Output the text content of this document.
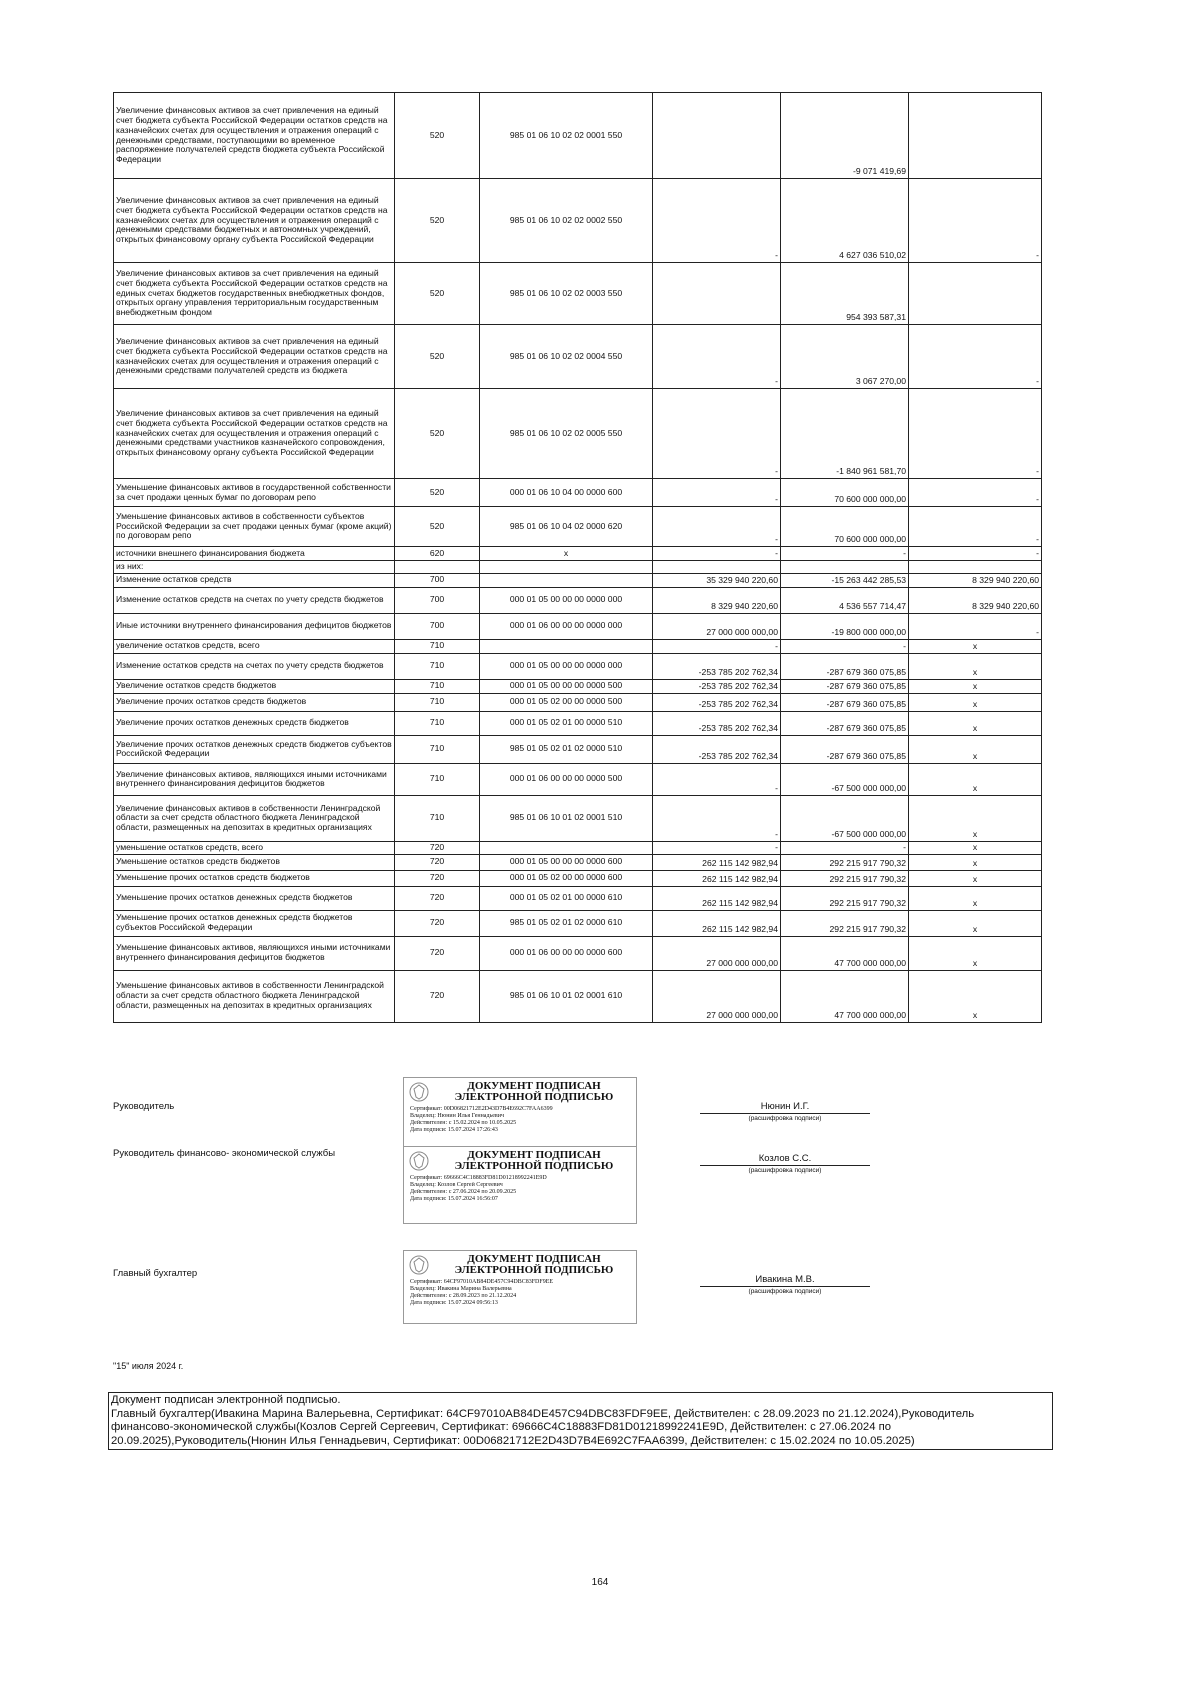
Увеличение финансовых активов за счет привлечения на единый счет бюджета субъекта Российской Федерации остатков средств на казначейских счетах для осуществления и отражения операций с денежными средствами, поступающими во временное распоряжение получателей средств бюджета субъекта Российской Федерации	520	985 01 06 10 02 02 0001 550		-9 071 419,69	
Увеличение финансовых активов за счет привлечения на единый счет бюджета субъекта Российской Федерации остатков средств на казначейских счетах для осуществления и отражения операций с денежными средствами бюджетных и автономных учреждений, открытых финансовому органу субъекта Российской Федерации	520	985 01 06 10 02 02 0002 550	-	4 627 036 510,02	-
Увеличение финансовых активов за счет привлечения на единый счет бюджета субъекта Российской Федерации остатков средств на единых счетах бюджетов государственных внебюджетных фондов, открытых органу управления территориальным государственным внебюджетным фондом	520	985 01 06 10 02 02 0003 550		954 393 587,31	
Увеличение финансовых активов за счет привлечения на единый счет бюджета субъекта Российской Федерации остатков средств на казначейских счетах для осуществления и отражения операций с денежными средствами получателей средств из бюджета	520	985 01 06 10 02 02 0004 550	-	3 067 270,00	-
Увеличение финансовых активов за счет привлечения на единый счет бюджета субъекта Российской Федерации остатков средств на казначейских счетах для осуществления и отражения операций с денежными средствами участников казначейского сопровождения, открытых финансовому органу субъекта Российской Федерации	520	985 01 06 10 02 02 0005 550	-	-1 840 961 581,70	-
Уменьшение финансовых активов в государственной собственности за счет продажи ценных бумаг по договорам репо	520	000 01 06 10 04 00 0000 600	-	70 600 000 000,00	-
Уменьшение финансовых активов в собственности субъектов Российской Федерации за счет продажи ценных бумаг (кроме акций) по договорам репо	520	985 01 06 10 04 02 0000 620	-	70 600 000 000,00	-
источники внешнего финансирования бюджета	620	x	-	-	-
из них:					
Изменение остатков средств	700		35 329 940 220,60	-15 263 442 285,53	8 329 940 220,60
Изменение остатков средств на счетах по учету средств бюджетов	700	000 01 05 00 00 00 0000 000	8 329 940 220,60	4 536 557 714,47	8 329 940 220,60
Иные источники внутреннего финансирования дефицитов бюджетов	700	000 01 06 00 00 00 0000 000	27 000 000 000,00	-19 800 000 000,00	-
увеличение остатков средств, всего	710		-	-	x
Изменение остатков средств на счетах по учету средств бюджетов	710	000 01 05 00 00 00 0000 000	-253 785 202 762,34	-287 679 360 075,85	x
Увеличение остатков средств бюджетов	710	000 01 05 00 00 00 0000 500	-253 785 202 762,34	-287 679 360 075,85	x
Увеличение прочих остатков средств бюджетов	710	000 01 05 02 00 00 0000 500	-253 785 202 762,34	-287 679 360 075,85	x
Увеличение прочих остатков денежных средств бюджетов	710	000 01 05 02 01 00 0000 510	-253 785 202 762,34	-287 679 360 075,85	x
Увеличение прочих остатков денежных средств бюджетов субъектов Российской Федерации	710	985 01 05 02 01 02 0000 510	-253 785 202 762,34	-287 679 360 075,85	x
Увеличение финансовых активов, являющихся иными источниками внутреннего финансирования дефицитов бюджетов	710	000 01 06 00 00 00 0000 500	-	-67 500 000 000,00	x
Увеличение финансовых активов в собственности Ленинградской области за счет средств областного бюджета Ленинградской области, размещенных на депозитах в кредитных организациях	710	985 01 06 10 01 02 0001 510	-	-67 500 000 000,00	x
уменьшение остатков средств, всего	720		-	-	x
Уменьшение остатков средств бюджетов	720	000 01 05 00 00 00 0000 600	262 115 142 982,94	292 215 917 790,32	x
Уменьшение прочих остатков средств бюджетов	720	000 01 05 02 00 00 0000 600	262 115 142 982,94	292 215 917 790,32	x
Уменьшение прочих остатков денежных средств бюджетов	720	000 01 05 02 01 00 0000 610	262 115 142 982,94	292 215 917 790,32	x
Уменьшение прочих остатков денежных средств бюджетов субъектов Российской Федерации	720	985 01 05 02 01 02 0000 610	262 115 142 982,94	292 215 917 790,32	x
Уменьшение финансовых активов, являющихся иными источниками внутреннего финансирования дефицитов бюджетов	720	000 01 06 00 00 00 0000 600	27 000 000 000,00	47 700 000 000,00	x
Уменьшение финансовых активов в собственности Ленинградской области за счет средств областного бюджета Ленинградской области, размещенных на депозитах в кредитных организациях	720	985 01 06 10 01 02 0001 610	27 000 000 000,00	47 700 000 000,00	x
Руководитель
ДОКУМЕНТ ПОДПИСАН
ЭЛЕКТРОННОЙ ПОДПИСЬЮ
Сертификат: 00D06821712E2D43D7B4E692C7FAA6399
Владелец: Нюнин Илья Геннадьевич
Действителен: с 15.02.2024 по 10.05.2025
Дата подписи: 15.07.2024 17:26:43
Нюнин И.Г.
(расшифровка подписи)
Руководитель финансово- экономической службы	ДОКУМЕНТ ПОДПИСАН
ЭЛЕКТРОННОЙ ПОДПИСЬЮ
Сертификат: 69666C4C18883FD81D01218992241E9D
Владелец: Козлов Сергей Сергеевич
Действителен: с 27.06.2024 по 20.09.2025
Дата подписи: 15.07.2024 16:56:07
Козлов С.С.
(расшифровка подписи)
Главный бухгалтер
ДОКУМЕНТ ПОДПИСАН
ЭЛЕКТРОННОЙ ПОДПИСЬЮ
Сертификат: 64CF97010AB84DE457C94DBC83FDF9EE
Владелец: Ивакина Марина Валерьевна
Действителен: с 28.09.2023 по 21.12.2024
Дата подписи: 15.07.2024 09:56:13
Ивакина М.В.
(расшифровка подписи)
"15" июля 2024 г.
Документ подписан электронной подписью.
Главный бухгалтер(Ивакина Марина Валерьевна, Сертификат: 64CF97010AB84DE457C94DBC83FDF9EE, Действителен: с 28.09.2023 по 21.12.2024),Руководитель
финансово-экономической службы(Козлов Сергей Сергеевич, Сертификат: 69666C4C18883FD81D01218992241E9D, Действителен: с 27.06.2024 по
20.09.2025),Руководитель(Нюнин Илья Геннадьевич, Сертификат: 00D06821712E2D43D7B4E692C7FAA6399, Действителен: с 15.02.2024 по 10.05.2025)
164
